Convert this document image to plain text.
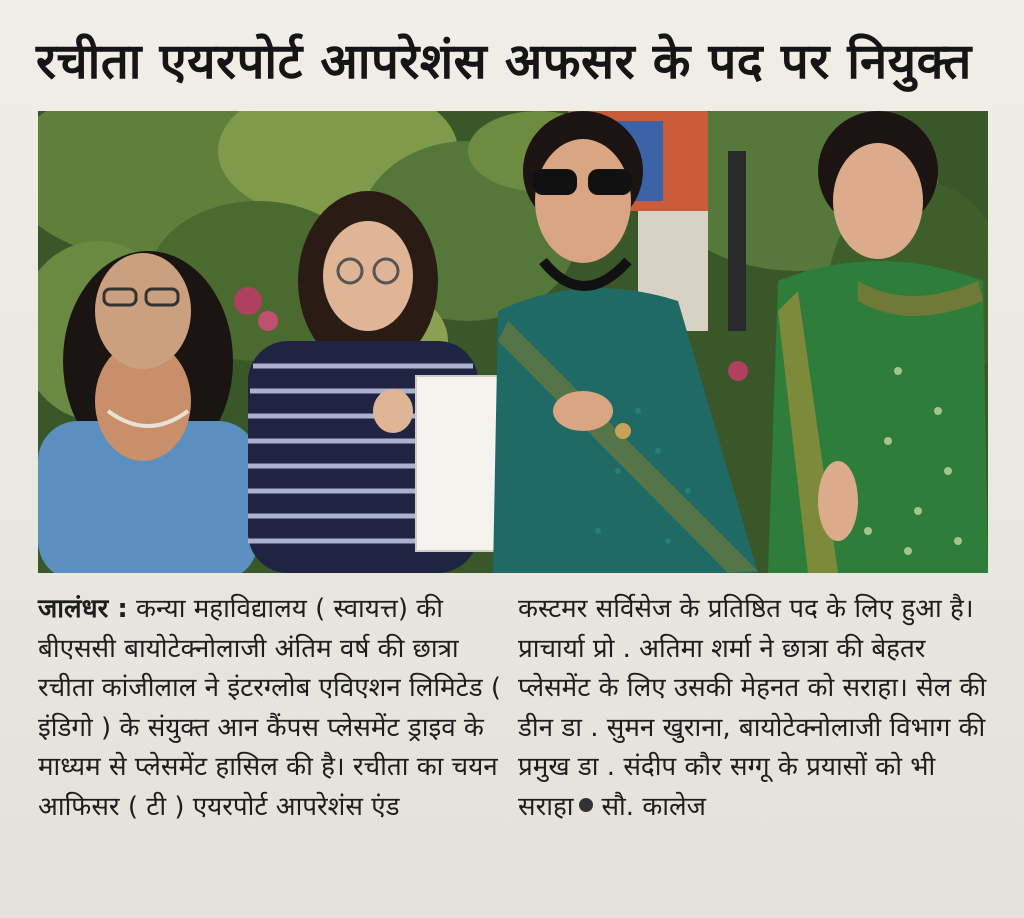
रचीता एयरपोर्ट आपरेशंस अफसर के पद पर नियुक्त

जालंधर : कन्या महाविद्यालय ( स्वायत्त) की बीएससी बायोटेक्नोलाजी अंतिम वर्ष की छात्रा रचीता कांजीलाल ने इंटरग्लोब एविएशन लिमिटेड ( इंडिगो ) के संयुक्त आन कैंपस प्लेसमेंट ड्राइव के माध्यम से प्लेसमेंट हासिल की है। रचीता का चयन आफिसर ( टी ) एयरपोर्ट आपरेशंस एंड

कस्टमर सर्विसेज के प्रतिष्ठित पद के लिए हुआ है। प्राचार्या प्रो . अतिमा शर्मा ने छात्रा की बेहतर प्लेसमेंट के लिए उसकी मेहनत को सराहा। सेल की डीन डा . सुमन खुराना, बायोटेक्नोलाजी विभाग की प्रमुख डा . संदीप कौर सग्गू के प्रयासों को भी सराहा सौ. कालेज
